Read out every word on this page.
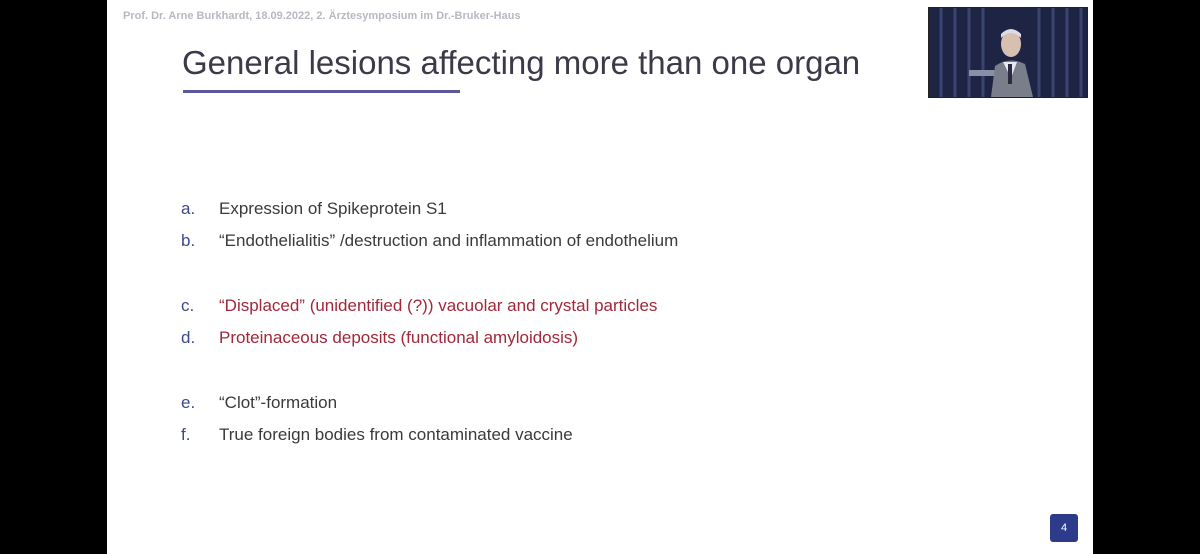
Prof. Dr. Arne Burkhardt, 18.09.2022, 2. Ärztesymposium im Dr.-Bruker-Haus
General lesions affecting more than one organ
a. Expression of Spikeprotein S1
b. “Endothelialitis” /destruction and inflammation of endothelium
c. “Displaced” (unidentified (?)) vacuolar and crystal particles
d. Proteinaceous deposits (functional amyloidosis)
e. “Clot”-formation
f. True foreign bodies from contaminated vaccine
4
